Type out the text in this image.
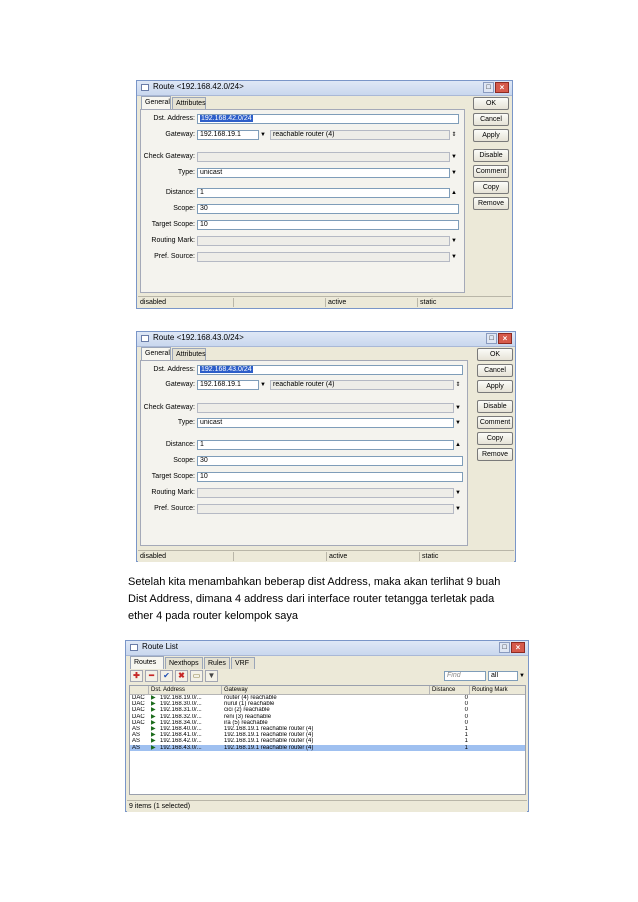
Route <192.168.42.0/24>	□	×
General Attributes
Dst. Address: 192.168.42.0/24
Gateway: 192.168.19.1	▼	reachable router (4)	⇕
Check Gateway:	▼
Type: unicast	▼
Distance: 1	▲
Scope: 30
Target Scope: 10
Routing Mark:	▼
Pref. Source:	▼
OK
Cancel
Apply
Disable
Comment
Copy
Remove
disabled	active	static
Route <192.168.43.0/24>	□	×
General Attributes
Dst. Address: 192.168.43.0/24
Gateway: 192.168.19.1	▼	reachable router (4)	⇕
Check Gateway:	▼
Type: unicast	▼
Distance: 1	▲
Scope: 30
Target Scope: 10
Routing Mark:	▼
Pref. Source:	▼
OK
Cancel
Apply
Disable
Comment
Copy
Remove
disabled	active	static
Setelah kita menambahkan beberap dist Address, maka akan terlihat 9 buah Dist Address, dimana 4 address dari interface router tetangga terletak pada ether 4 pada router kelompok saya
Route List	□	×
Routes	Nexthops	Rules	VRF
✚	━	✔	✖ ▭ ▼	Find	all	▼
Dst. Address	Gateway	Distance	Routing Mark
▶
DAC	192.168.19.0/...	router (4) reachable	0
▶
DAC	192.168.30.0/...	nurul (1) reachable	0
▶
DAC	192.168.31.0/...	cici (2) reachable	0
▶
DAC	192.168.32.0/...	reni (3) reachable	0
▶
DAC	192.168.34.0/...	ira (5) reachable	0
▶
AS	192.168.40.0/...	192.168.19.1 reachable router (4)	1
▶
AS	192.168.41.0/...	192.168.19.1 reachable router (4)	1
▶
AS	192.168.42.0/...	192.168.19.1 reachable router (4)	1
▶
AS	192.168.43.0/...	192.168.19.1 reachable router (4)	1
9 items (1 selected)
